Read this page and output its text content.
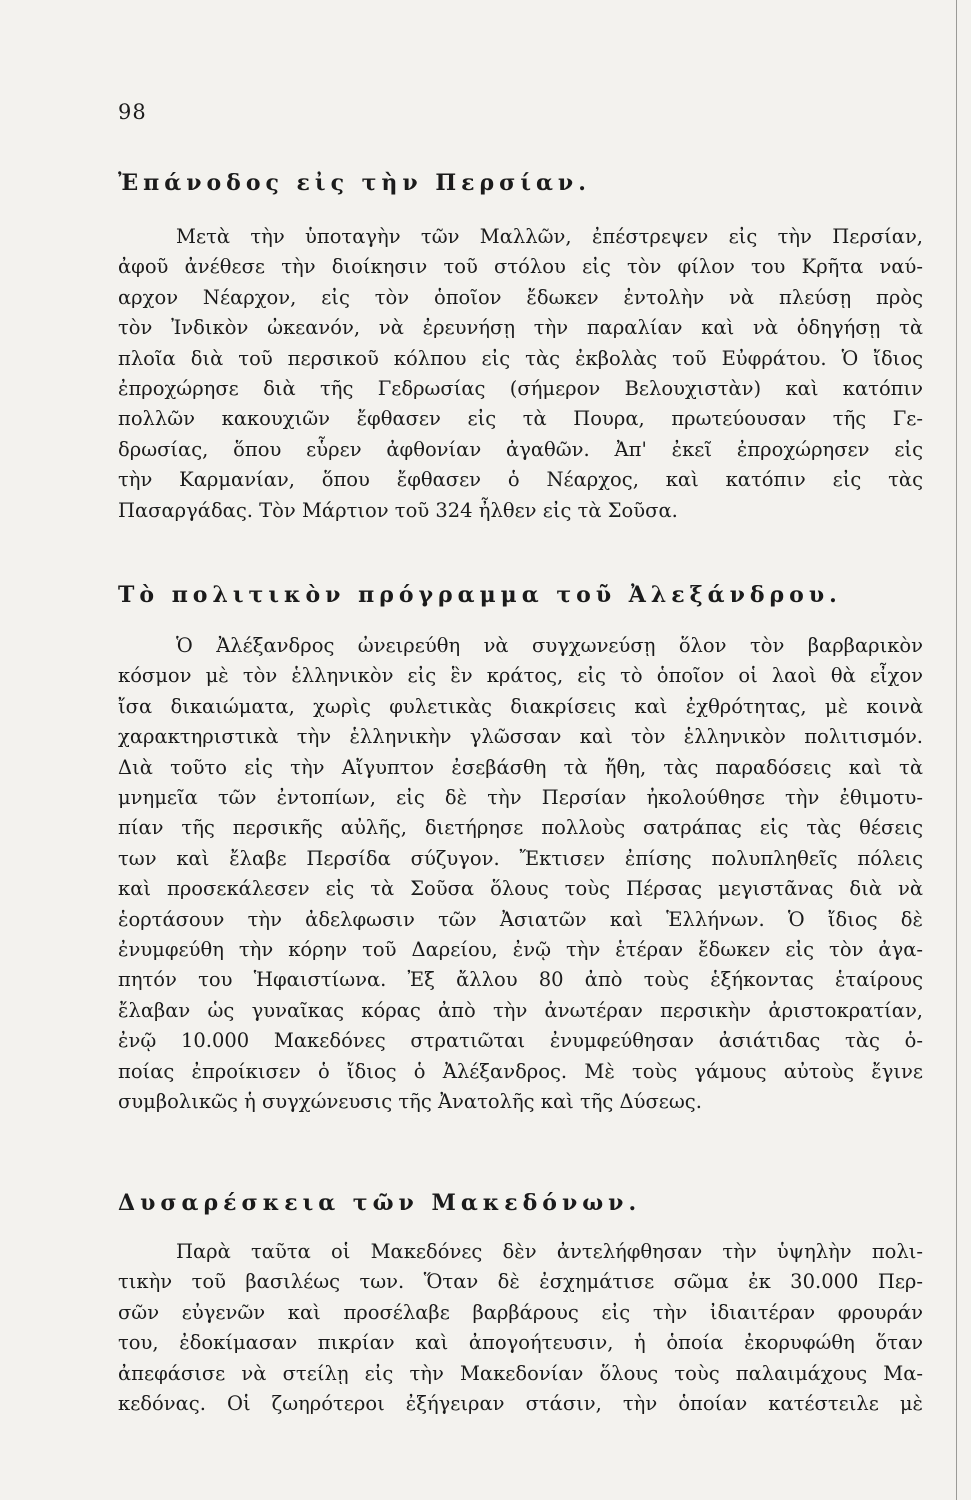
98
Ἐπάνοδος εἰς τὴν Περσίαν.
Μετὰ τὴν ὑποταγὴν τῶν Μαλλῶν, ἐπέστρεψεν εἰς τὴν Περσίαν,
ἀφοῦ ἀνέθεσε τὴν διοίκησιν τοῦ στόλου εἰς τὸν φίλον του Κρῆτα ναύ-
αρχον Νέαρχον, εἰς τὸν ὁποῖον ἔδωκεν ἐντολὴν νὰ πλεύσῃ πρὸς
τὸν Ἰνδικὸν ὠκεανόν, νὰ ἐρευνήσῃ τὴν παραλίαν καὶ νὰ ὁδηγήσῃ τὰ
πλοῖα διὰ τοῦ περσικοῦ κόλπου εἰς τὰς ἐκβολὰς τοῦ Εὐφράτου. Ὁ ἴδιος
ἐπροχώρησε διὰ τῆς Γεδρωσίας (σήμερον Βελουχιστὰν) καὶ κατόπιν
πολλῶν κακουχιῶν ἔφθασεν εἰς τὰ Πουρα, πρωτεύουσαν τῆς Γε-
δρωσίας, ὅπου εὗρεν ἀφθονίαν ἀγαθῶν. Ἀπ' ἐκεῖ ἐπροχώρησεν εἰς
τὴν Καρμανίαν, ὅπου ἔφθασεν ὁ Νέαρχος, καὶ κατόπιν εἰς τὰς
Πασαργάδας. Τὸν Μάρτιον τοῦ 324 ἦλθεν εἰς τὰ Σοῦσα.
Τὸ πολιτικὸν πρόγραμμα τοῦ Ἀλεξάνδρου.
Ὁ Ἀλέξανδρος ὠνειρεύθη νὰ συγχωνεύσῃ ὅλον τὸν βαρβαρικὸν
κόσμον μὲ τὸν ἑλληνικὸν εἰς ἓν κράτος, εἰς τὸ ὁποῖον οἱ λαοὶ θὰ εἶχον
ἴσα δικαιώματα, χωρὶς φυλετικὰς διακρίσεις καὶ ἐχθρότητας, μὲ κοινὰ
χαρακτηριστικὰ τὴν ἑλληνικὴν γλῶσσαν καὶ τὸν ἑλληνικὸν πολιτισμόν.
Διὰ τοῦτο εἰς τὴν Αἴγυπτον ἐσεβάσθη τὰ ἤθη, τὰς παραδόσεις καὶ τὰ
μνημεῖα τῶν ἐντοπίων, εἰς δὲ τὴν Περσίαν ἠκολούθησε τὴν ἐθιμοτυ-
πίαν τῆς περσικῆς αὐλῆς, διετήρησε πολλοὺς σατράπας εἰς τὰς θέσεις
των καὶ ἔλαβε Περσίδα σύζυγον. Ἔκτισεν ἐπίσης πολυπληθεῖς πόλεις
καὶ προσεκάλεσεν εἰς τὰ Σοῦσα ὅλους τοὺς Πέρσας μεγιστᾶνας διὰ νὰ
ἑορτάσουν τὴν ἀδελφωσιν τῶν Ἀσιατῶν καὶ Ἑλλήνων. Ὁ ἴδιος δὲ
ἐνυμφεύθη τὴν κόρην τοῦ Δαρείου, ἐνῷ τὴν ἑτέραν ἔδωκεν εἰς τὸν ἀγα-
πητόν του Ἡφαιστίωνα. Ἐξ ἄλλου 80 ἀπὸ τοὺς ἑξήκοντας ἑταίρους
ἔλαβαν ὡς γυναῖκας κόρας ἀπὸ τὴν ἀνωτέραν περσικὴν ἀριστοκρατίαν,
ἐνῷ 10.000 Μακεδόνες στρατιῶται ἐνυμφεύθησαν ἀσιάτιδας τὰς ὁ-
ποίας ἐπροίκισεν ὁ ἴδιος ὁ Ἀλέξανδρος. Μὲ τοὺς γάμους αὐτοὺς ἔγινε
συμβολικῶς ἡ συγχώνευσις τῆς Ἀνατολῆς καὶ τῆς Δύσεως.
Δυσαρέσκεια τῶν Μακεδόνων.
Παρὰ ταῦτα οἱ Μακεδόνες δὲν ἀντελήφθησαν τὴν ὑψηλὴν πολι-
τικὴν τοῦ βασιλέως των. Ὅταν δὲ ἐσχημάτισε σῶμα ἐκ 30.000 Περ-
σῶν εὐγενῶν καὶ προσέλαβε βαρβάρους εἰς τὴν ἰδιαιτέραν φρουράν
του, ἐδοκίμασαν πικρίαν καὶ ἀπογοήτευσιν, ἡ ὁποία ἐκορυφώθη ὅταν
ἀπεφάσισε νὰ στείλῃ εἰς τὴν Μακεδονίαν ὅλους τοὺς παλαιμάχους Μα-
κεδόνας. Οἱ ζωηρότεροι ἐξήγειραν στάσιν, τὴν ὁποίαν κατέστειλε μὲ
